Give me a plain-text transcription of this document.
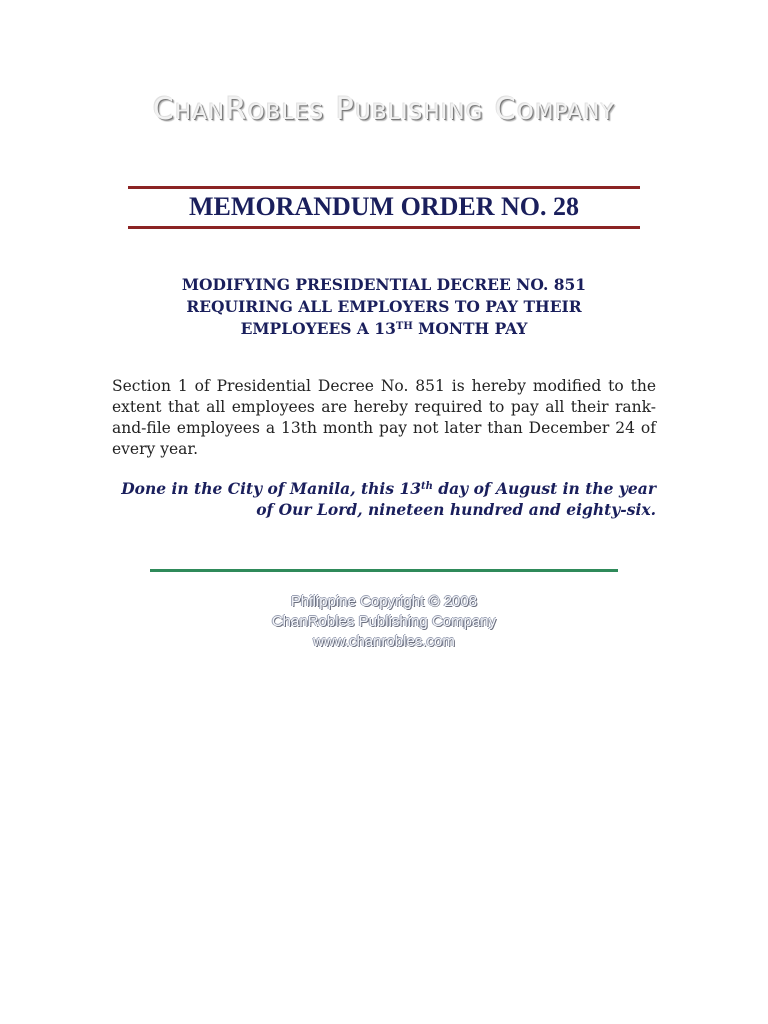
ChanRobles Publishing Company
MEMORANDUM ORDER NO. 28
MODIFYING PRESIDENTIAL DECREE NO. 851
REQUIRING ALL EMPLOYERS TO PAY THEIR
EMPLOYEES A 13TH MONTH PAY
Section 1 of Presidential Decree No. 851 is hereby modified to the extent that all employees are hereby required to pay all their rank-and-file employees a 13th month pay not later than December 24 of every year.
Done in the City of Manila, this 13th day of August in the year of Our Lord, nineteen hundred and eighty-six.
Philippine Copyright © 2008
ChanRobles Publishing Company
www.chanrobles.com
